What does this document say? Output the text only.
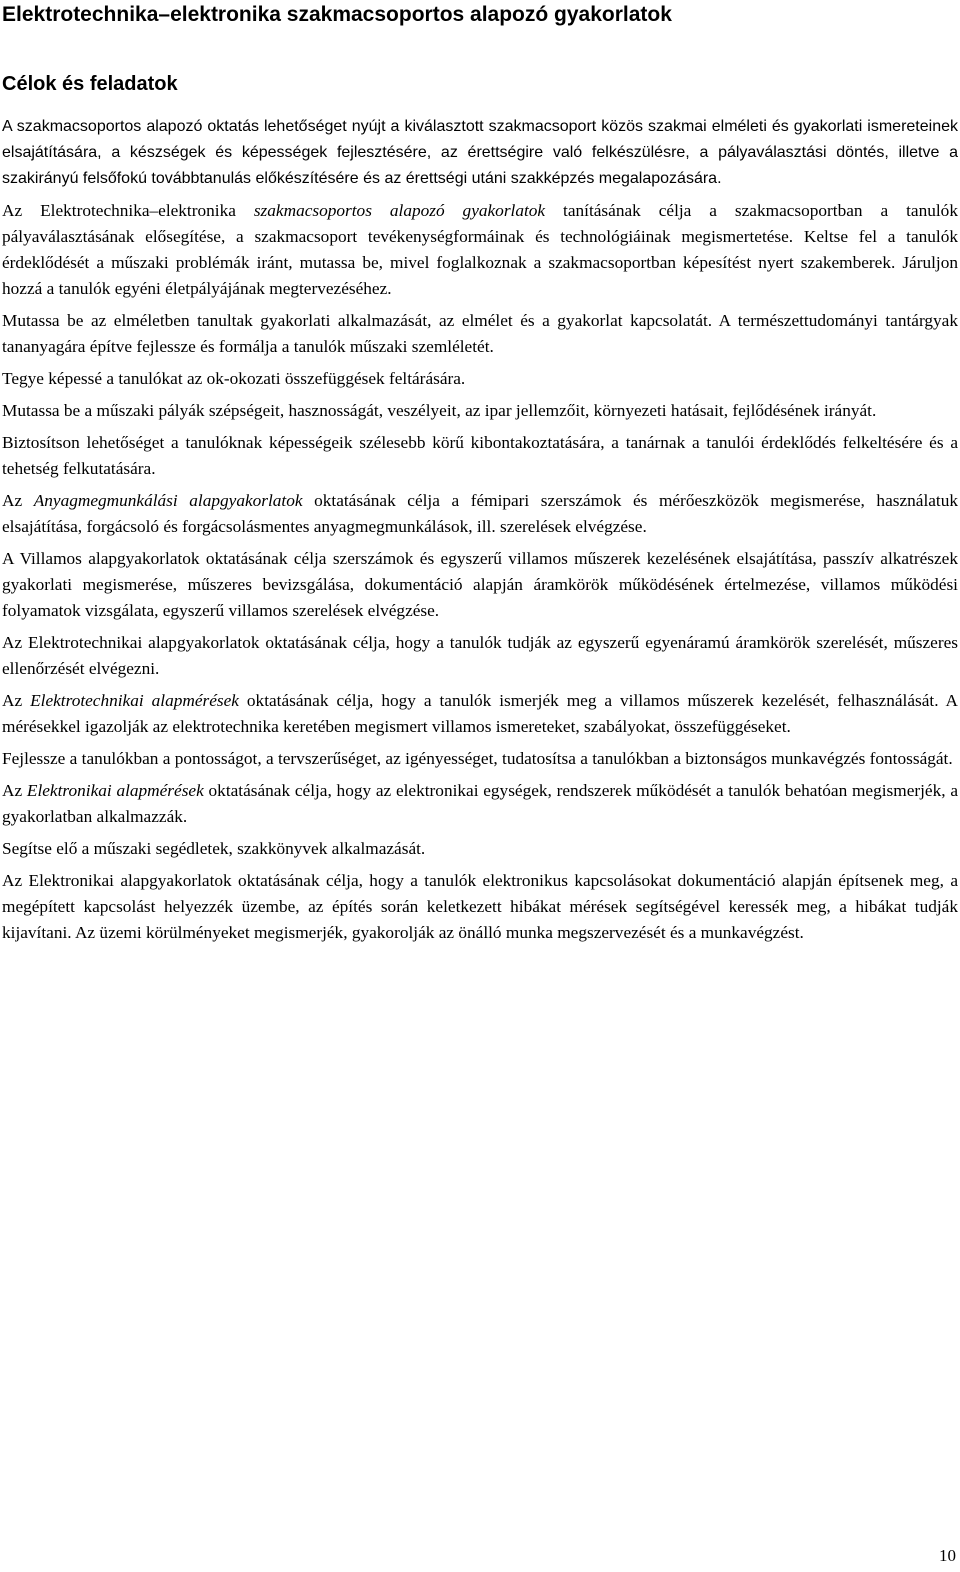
Elektrotechnika–elektronika szakmacsoportos alapozó gyakorlatok
Célok és feladatok
A szakmacsoportos alapozó oktatás lehetőséget nyújt a kiválasztott szakmacsoport közös szakmai elméleti és gyakorlati ismereteinek elsajátítására, a készségek és képességek fejlesztésére, az érettségire való felkészülésre, a pályaválasztási döntés, illetve a szakirányú felsőfokú továbbtanulás előkészítésére és az érettségi utáni szakképzés megalapozására.
Az Elektrotechnika–elektronika szakmacsoportos alapozó gyakorlatok tanításának célja a szakmacsoportban a tanulók pályaválasztásának elősegítése, a szakmacsoport tevékenységformáinak és technológiáinak megismertetése. Keltse fel a tanulók érdeklődését a műszaki problémák iránt, mutassa be, mivel foglalkoznak a szakmacsoportban képesítést nyert szakemberek. Járuljon hozzá a tanulók egyéni életpályájának megtervezéséhez.
Mutassa be az elméletben tanultak gyakorlati alkalmazását, az elmélet és a gyakorlat kapcsolatát. A természettudományi tantárgyak tananyagára építve fejlessze és formálja a tanulók műszaki szemléletét.
Tegye képessé a tanulókat az ok-okozati összefüggések feltárására.
Mutassa be a műszaki pályák szépségeit, hasznosságát, veszélyeit, az ipar jellemzőit, környezeti hatásait, fejlődésének irányát.
Biztosítson lehetőséget a tanulóknak képességeik szélesebb körű kibontakoztatására, a tanárnak a tanulói érdeklődés felkeltésére és a tehetség felkutatására.
Az Anyagmegmunkálási alapgyakorlatok oktatásának célja a fémipari szerszámok és mérőeszközök megismerése, használatuk elsajátítása, forgácsoló és forgácsolásmentes anyagmegmunkálások, ill. szerelések elvégzése.
A Villamos alapgyakorlatok oktatásának célja szerszámok és egyszerű villamos műszerek kezelésének elsajátítása, passzív alkatrészek gyakorlati megismerése, műszeres bevizsgálása, dokumentáció alapján áramkörök működésének értelmezése, villamos működési folyamatok vizsgálata, egyszerű villamos szerelések elvégzése.
Az Elektrotechnikai alapgyakorlatok oktatásának célja, hogy a tanulók tudják az egyszerű egyenáramú áramkörök szerelését, műszeres ellenőrzését elvégezni.
Az Elektrotechnikai alapmérések oktatásának célja, hogy a tanulók ismerjék meg a villamos műszerek kezelését, felhasználását. A mérésekkel igazolják az elektrotechnika keretében megismert villamos ismereteket, szabályokat, összefüggéseket.
Fejlessze a tanulókban a pontosságot, a tervszerűséget, az igényességet, tudatosítsa a tanulókban a biztonságos munkavégzés fontosságát.
Az Elektronikai alapmérések oktatásának célja, hogy az elektronikai egységek, rendszerek működését a tanulók behatóan megismerjék, a gyakorlatban alkalmazzák.
Segítse elő a műszaki segédletek, szakkönyvek alkalmazását.
Az Elektronikai alapgyakorlatok oktatásának célja, hogy a tanulók elektronikus kapcsolásokat dokumentáció alapján építsenek meg, a megépített kapcsolást helyezzék üzembe, az építés során keletkezett hibákat mérések segítségével keressék meg, a hibákat tudják kijavítani. Az üzemi körülményeket megismerjék, gyakorolják az önálló munka megszervezését és a munkavégzést.
10
